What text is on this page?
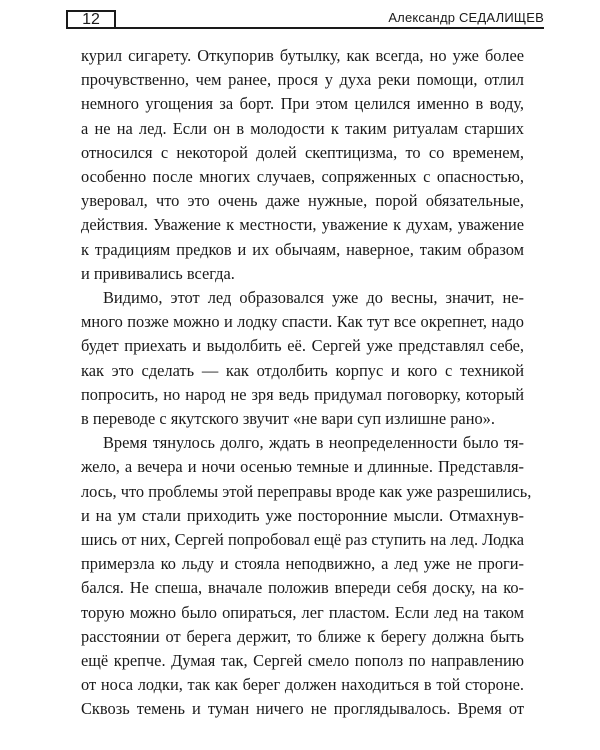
12	Александр СЕДАЛИЩЕВ

курил сигарету. Откупорив бутылку, как всегда, но уже более
прочувственно, чем ранее, прося у духа реки помощи, отлил
немного угощения за борт. При этом целился именно в воду,
а не на лед. Если он в молодости к таким ритуалам старших
относился с некоторой долей скептицизма, то со временем,
особенно после многих случаев, сопряженных с опасностью,
уверовал, что это очень даже нужные, порой обязательные,
действия. Уважение к местности, уважение к духам, уважение
к традициям предков и их обычаям, наверное, таким образом
и прививались всегда.

Видимо, этот лед образовался уже до весны, значит, не-
много позже можно и лодку спасти. Как тут все окрепнет, надо
будет приехать и выдолбить её. Сергей уже представлял себе,
как это сделать — как отдолбить корпус и кого с техникой
попросить, но народ не зря ведь придумал поговорку, который
в переводе с якутского звучит «не вари суп излишне рано».

Время тянулось долго, ждать в неопределенности было тя-
жело, а вечера и ночи осенью темные и длинные. Представля-
лось, что проблемы этой переправы вроде как уже разрешились,
и на ум стали приходить уже посторонние мысли. Отмахнув-
шись от них, Сергей попробовал ещё раз ступить на лед. Лодка
примерзла ко льду и стояла неподвижно, а лед уже не проги-
бался. Не спеша, вначале положив впереди себя доску, на ко-
торую можно было опираться, лег пластом. Если лед на таком
расстоянии от берега держит, то ближе к берегу должна быть
ещё крепче. Думая так, Сергей смело пополз по направлению
от носа лодки, так как берег должен находиться в той стороне.
Сквозь темень и туман ничего не проглядывалось. Время от
